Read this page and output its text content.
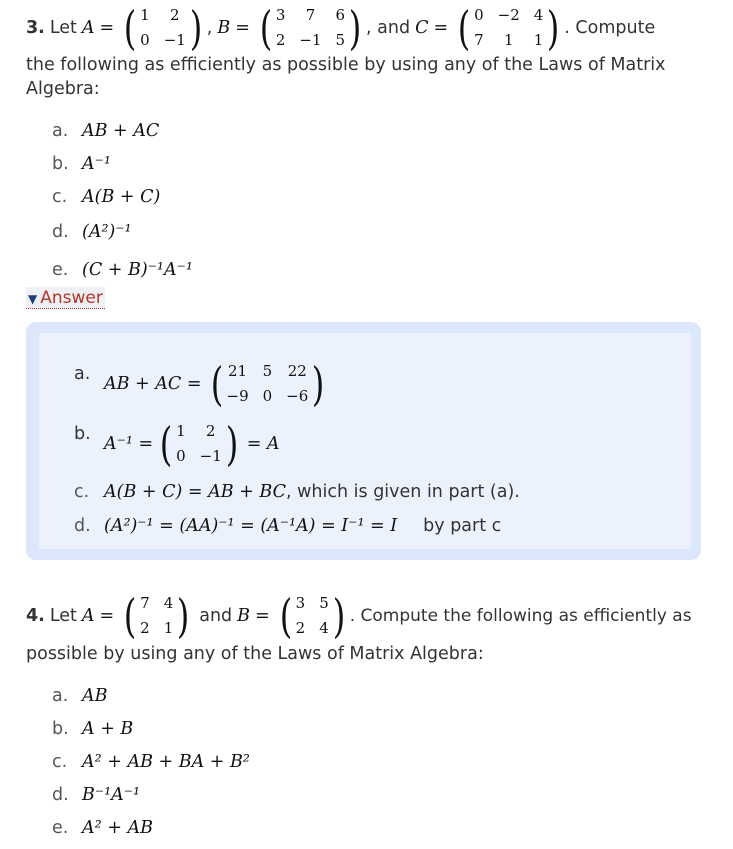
3. Let A = ( 1	2
0 −1 ) , B = ( 3	7	6
2 −1 5 ) , and C = ( 0 −2 4
7	1	1 ) . Compute
the following as efficiently as possible by using any of the Laws of Matrix
Algebra:
a. AB + AC
b. A⁻¹
c. A(B + C)
d. (A²)⁻¹
e. (C + B)⁻¹A⁻¹
▼ Answer
a. AB + AC = ( 21 5 22
−9 0 −6 )
b. A⁻¹ = ( 1	2
0 −1 ) = A
c. A(B + C) = AB + BC, which is given in part (a).
d. (A²)⁻¹ = (AA)⁻¹ = (A⁻¹A) = I⁻¹ = I by part c
4. Let A = ( 7 4
2 1 ) and B = ( 3 5
2 4 ) . Compute the following as efficiently as
possible by using any of the Laws of Matrix Algebra:
a. AB
b. A + B
c. A² + AB + BA + B²
d. B⁻¹A⁻¹
e. A² + AB
